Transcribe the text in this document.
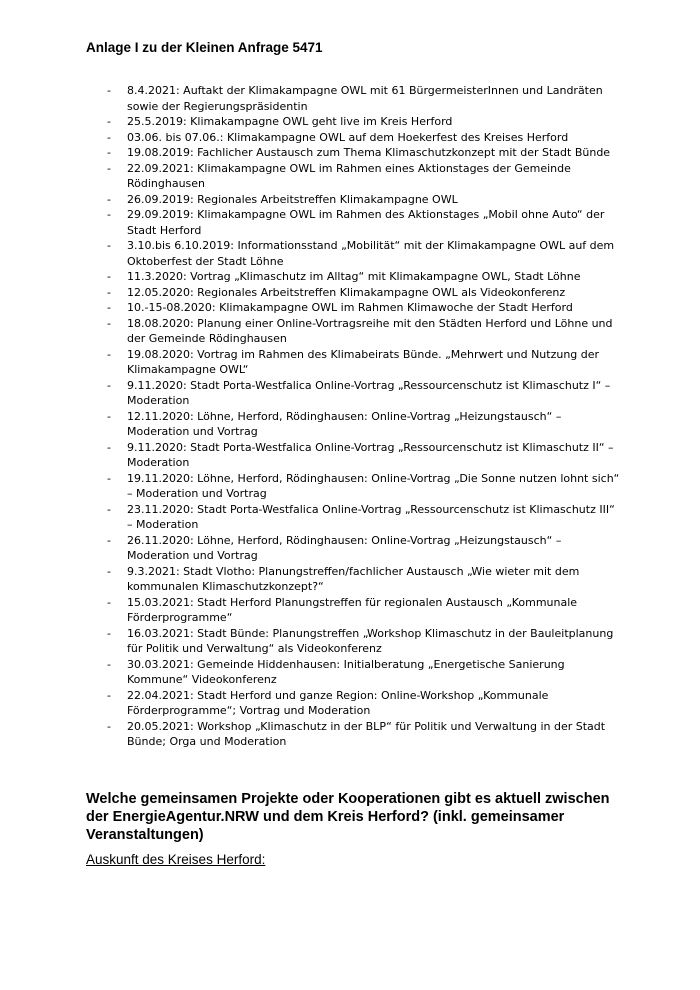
Anlage I zu der Kleinen Anfrage 5471
- 8.4.2021: Auftakt der Klimakampagne OWL mit 61 BürgermeisterInnen und Landräten sowie der Regierungspräsidentin
- 25.5.2019: Klimakampagne OWL geht live im Kreis Herford
- 03.06. bis 07.06.: Klimakampagne OWL auf dem Hoekerfest des Kreises Herford
- 19.08.2019: Fachlicher Austausch zum Thema Klimaschutzkonzept mit der Stadt Bünde
- 22.09.2021: Klimakampagne OWL im Rahmen eines Aktionstages der Gemeinde Rödinghausen
- 26.09.2019: Regionales Arbeitstreffen Klimakampagne OWL
- 29.09.2019: Klimakampagne OWL im Rahmen des Aktionstages „Mobil ohne Auto“ der Stadt Herford
- 3.10.bis 6.10.2019: Informationsstand „Mobilität“ mit der Klimakampagne OWL auf dem Oktoberfest der Stadt Löhne
- 11.3.2020: Vortrag „Klimaschutz im Alltag“ mit Klimakampagne OWL, Stadt Löhne
- 12.05.2020: Regionales Arbeitstreffen Klimakampagne OWL als Videokonferenz
- 10.-15-08.2020: Klimakampagne OWL im Rahmen Klimawoche der Stadt Herford
- 18.08.2020: Planung einer Online-Vortragsreihe mit den Städten Herford und Löhne und der Gemeinde Rödinghausen
- 19.08.2020: Vortrag im Rahmen des Klimabeirats Bünde. „Mehrwert und Nutzung der Klimakampagne OWL“
- 9.11.2020: Stadt Porta-Westfalica Online-Vortrag „Ressourcenschutz ist Klimaschutz I“ – Moderation
- 12.11.2020: Löhne, Herford, Rödinghausen: Online-Vortrag „Heizungstausch“ – Moderation und Vortrag
- 9.11.2020: Stadt Porta-Westfalica Online-Vortrag „Ressourcenschutz ist Klimaschutz II“ – Moderation
- 19.11.2020: Löhne, Herford, Rödinghausen: Online-Vortrag „Die Sonne nutzen lohnt sich“ – Moderation und Vortrag
- 23.11.2020: Stadt Porta-Westfalica Online-Vortrag „Ressourcenschutz ist Klimaschutz III“ – Moderation
- 26.11.2020: Löhne, Herford, Rödinghausen: Online-Vortrag „Heizungstausch“ – Moderation und Vortrag
- 9.3.2021: Stadt Vlotho: Planungstreffen/fachlicher Austausch „Wie wieter mit dem kommunalen Klimaschutzkonzept?“
- 15.03.2021: Stadt Herford Planungstreffen für regionalen Austausch „Kommunale Förderprogramme“
- 16.03.2021: Stadt Bünde: Planungstreffen „Workshop Klimaschutz in der Bauleitplanung für Politik und Verwaltung“ als Videokonferenz
- 30.03.2021: Gemeinde Hiddenhausen: Initialberatung „Energetische Sanierung Kommune“ Videokonferenz
- 22.04.2021: Stadt Herford und ganze Region: Online-Workshop „Kommunale Förderprogramme“; Vortrag und Moderation
- 20.05.2021: Workshop „Klimaschutz in der BLP“ für Politik und Verwaltung in der Stadt Bünde; Orga und Moderation
Welche gemeinsamen Projekte oder Kooperationen gibt es aktuell zwischen der EnergieAgentur.NRW und dem Kreis Herford? (inkl. gemeinsamer Veranstaltungen)
Auskunft des Kreises Herford:
